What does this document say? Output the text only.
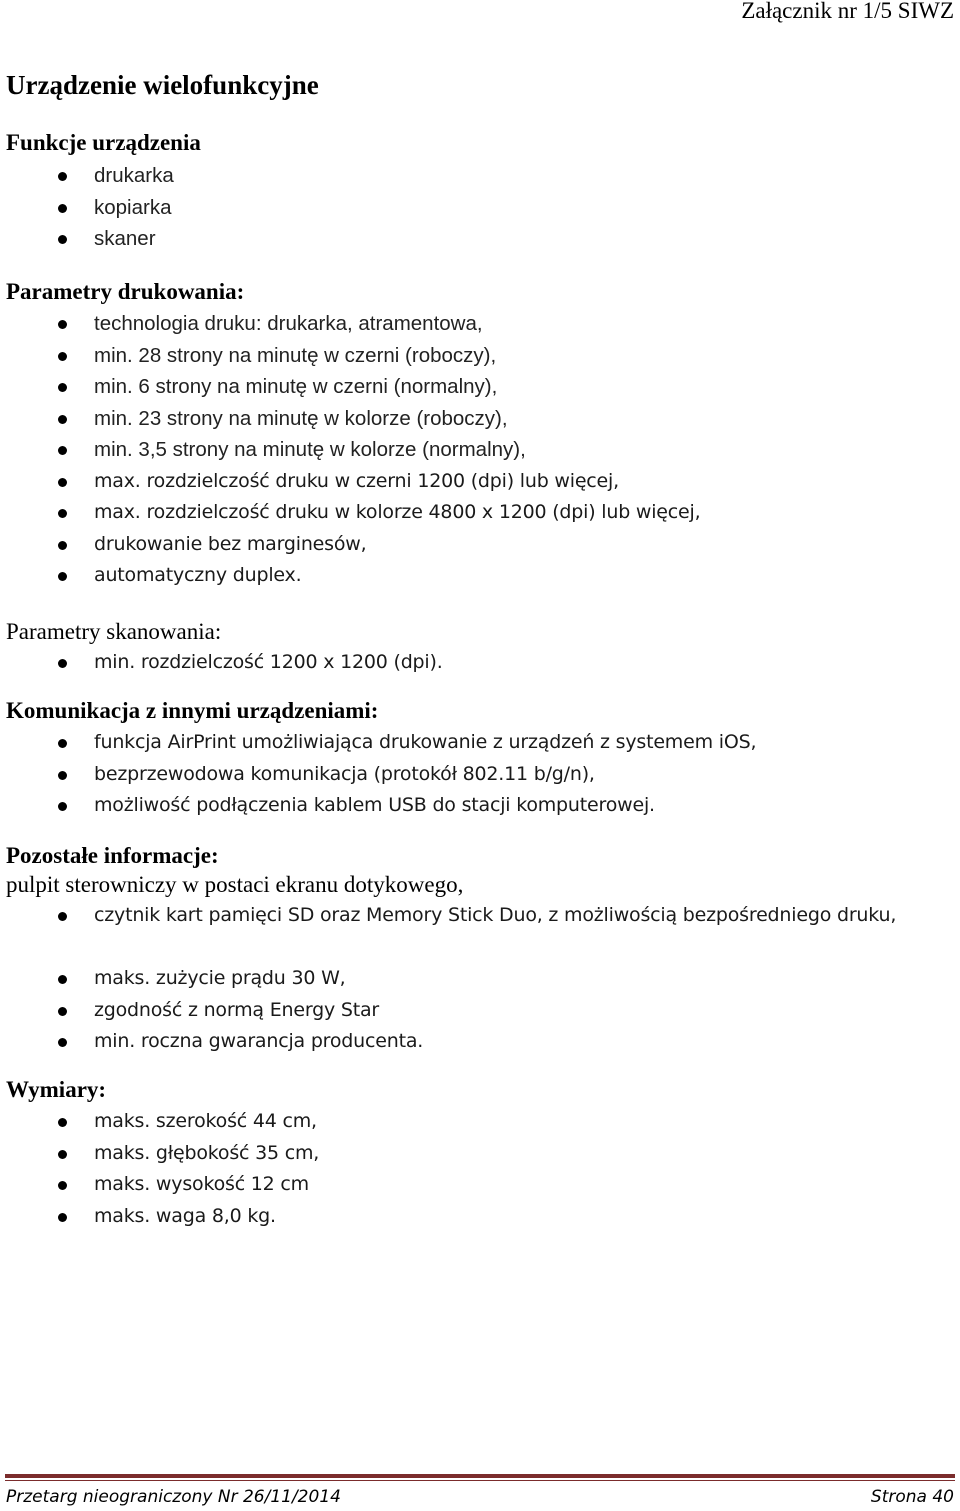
Załącznik nr 1/5 SIWZ
Urządzenie wielofunkcyjne
Funkcje urządzenia
drukarka
kopiarka
skaner
Parametry drukowania:
technologia druku: drukarka, atramentowa,
min. 28 strony na minutę w czerni (roboczy),
min. 6 strony na minutę w czerni (normalny),
min. 23 strony na minutę w kolorze (roboczy),
min. 3,5 strony na minutę w kolorze (normalny),
max. rozdzielczość druku w czerni 1200 (dpi) lub więcej,
max. rozdzielczość druku w kolorze 4800 x 1200 (dpi) lub więcej,
drukowanie bez marginesów,
automatyczny duplex.
Parametry skanowania:
min. rozdzielczość 1200 x 1200 (dpi).
Komunikacja z innymi urządzeniami:
funkcja AirPrint umożliwiająca drukowanie z urządzeń z systemem iOS,
bezprzewodowa komunikacja (protokół 802.11 b/g/n),
możliwość podłączenia kablem USB do stacji komputerowej.
Pozostałe informacje:
pulpit sterowniczy w postaci ekranu dotykowego,
czytnik kart pamięci SD oraz Memory Stick Duo, z możliwością bezpośredniego druku,
maks. zużycie prądu 30 W,
zgodność z normą Energy Star
min. roczna gwarancja producenta.
Wymiary:
maks. szerokość 44 cm,
maks. głębokość 35 cm,
maks. wysokość 12 cm
maks. waga 8,0 kg.
Przetarg nieograniczony Nr 26/11/2014	Strona 40
